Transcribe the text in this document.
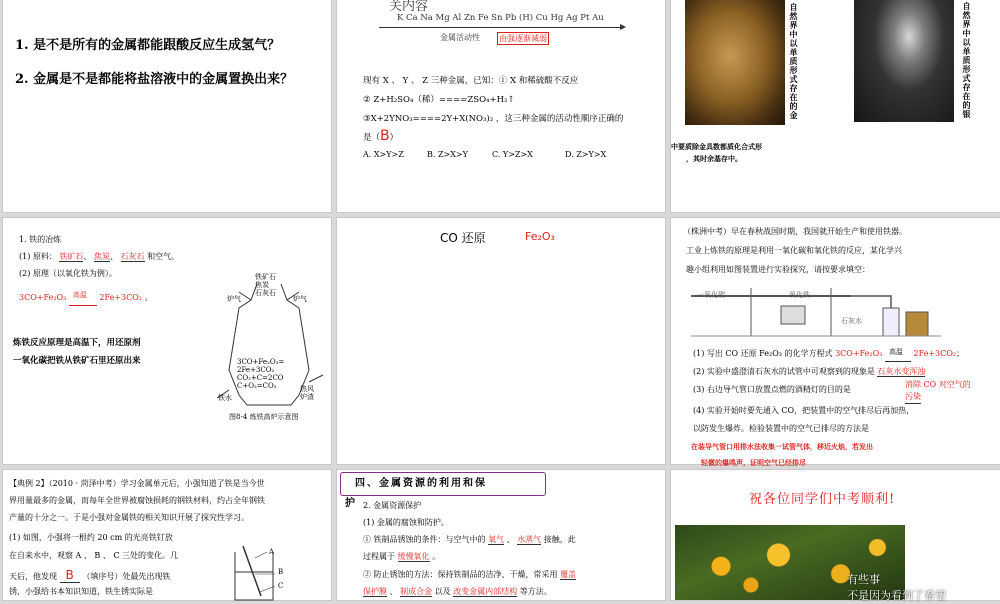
1. 是不是所有的金属都能跟酸反应生成氢气？
2. 金属是不是都能将盐溶液中的金属置换出来？
关内容
K Ca Na Mg Al Zn Fe Sn Pb (H) Cu Hg Ag Pt Au
金属活动性 由强逐渐减弱
现有 X 、 Y 、 Z 三种金属，已知：① X 和稀硫酸不反应
② Z+H₂SO₄（稀）====ZSO₄+H₂↑
③X+2YNO₃====2Y+X(NO₃)₂ ，这三种金属的活动性顺序正确的
是（B）
A. X>Y>Z	B. Z>X>Y	C. Y>Z>X	D. Z>Y>X
自然界中以单质形式存在的金	自然界中以单质形式存在的银
中要质除金具数都质化合式形
，其时余基存中。
1. 铁的冶炼
(1) 原料： 铁矿石、 焦炭、 石灰石 和空气。
(2) 原理（以氧化铁为例）。
3CO+Fe₂O₃ 高温 2Fe+3CO₂ 。
炼铁反应原理是高温下，用还原剂
一氧化碳把铁从铁矿石里还原出来
铁矿石
焦炭
石灰石
炉气	炉气
3CO+Fe₂O₃=
2Fe+3CO₂
CO₂+C=2CO
C+O₂=CO₂	热风
炉渣
铁水
图8-4 炼铁高炉示意图
CO 还原	Fe₂O₃	（株洲中考）早在春秋战国时期，我国就开始生产和使用铁器。
工业上炼铁的原理是利用一氧化碳和氧化铁的反应，某化学兴
趣小组利用如图装置进行实验探究，请按要求填空：
一氧化碳	氧化铁
石灰水
(1) 写出 CO 还原 Fe₂O₃ 的化学方程式 3CO+Fe₂O₃ 高温 2Fe+3CO₂；
(2) 实验中盛澄清石灰水的试管中可观察到的现象是 石灰水变浑浊
(3) 右边导气管口放置点燃的酒精灯的目的是
消除 CO 对空气的
污染
(4) 实验开始时要先通入 CO，把装置中的空气排尽后再加热，
以防发生爆炸。检验装置中的空气已排尽的方法是
在装导气管口用排水法收集一试管气体，移近火焰，若发出
轻微的爆鸣声，证明空气已经排尽
【典例 2】（2010 · 菏泽中考）学习金属单元后，小强知道了铁是当今世
界用量最多的金属，而每年全世界被腐蚀损耗的钢铁材料，约占全年钢铁
产量的十分之一。于是小强对金属铁的相关知识开展了探究性学习。
(1) 如图，小强将一根约 20 cm 的光亮铁钉放
在自来水中，观察 A 、 B 、 C 三处的变化。几
天后，他发现 B （填序号）处最先出现铁
锈，小强给书本知识知道，铁生锈实际是
A
B
C
四、金属资源的利用和保
护 2. 金属资源保护
(1) 金属的腐蚀和防护。
① 铁制品锈蚀的条件：与空气中的 氧气 、 水蒸气 接触，此
过程属于 缓慢氧化 。
② 防止锈蚀的方法：保持铁制品的洁净、干燥，常采用 覆盖
保护膜 、 制成合金 以及 改变金属内部结构 等方法。
祝各位同学们中考顺利!
有些事
不是因为看到了希望
